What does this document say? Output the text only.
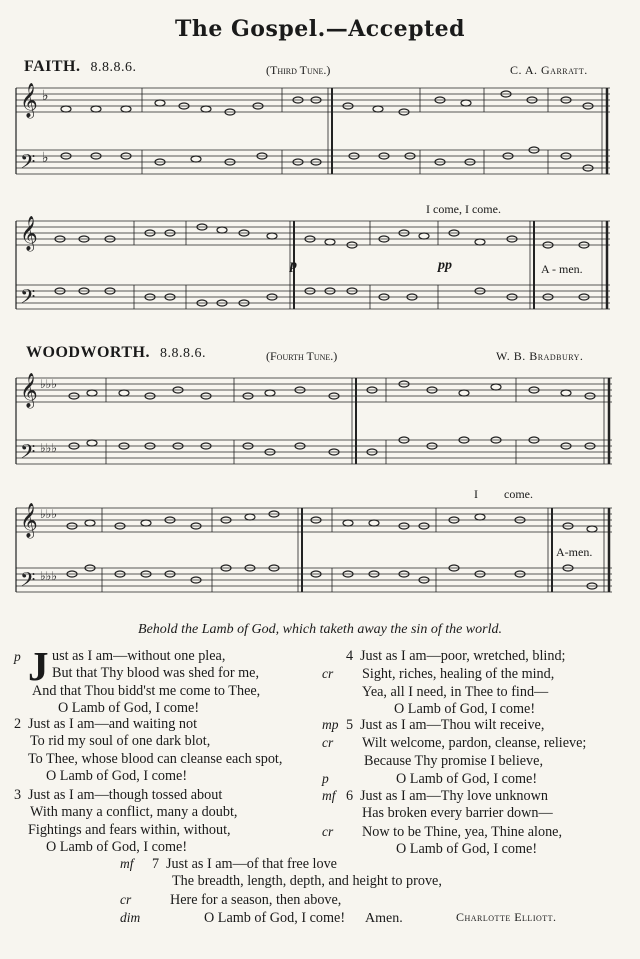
The Gospel.—Accepted
FAITH. 8.8.8.6.	(Third Tune.)	C. A. Garratt.
𝄞 ♭
𝄢 ♭
𝄞
𝄢
I come, I come.
p	pp	A - men.
WOODWORTH. 8.8.8.6.	(Fourth Tune.)	W. B. Bradbury.
𝄞 ♭♭♭
𝄢 ♭♭♭
𝄞 ♭♭♭
𝄢 ♭♭♭
I come.
A-men.
Behold the Lamb of God, which taketh away the sin of the world.
p J ust as I am—without one plea,
But that Thy blood was shed for me,
And that Thou bidd'st me come to Thee,
O Lamb of God, I come!
2 Just as I am—and waiting not
To rid my soul of one dark blot,
To Thee, whose blood can cleanse each spot,
O Lamb of God, I come!
3 Just as I am—though tossed about
With many a conflict, many a doubt,
Fightings and fears within, without,
O Lamb of God, I come!
4 Just as I am—poor, wretched, blind;
cr Sight, riches, healing of the mind,
Yea, all I need, in Thee to find—
O Lamb of God, I come!
mp 5 Just as I am—Thou wilt receive,
cr Wilt welcome, pardon, cleanse, relieve;
Because Thy promise I believe,
p	O Lamb of God, I come!
mf 6 Just as I am—Thy love unknown
Has broken every barrier down—
cr Now to be Thine, yea, Thine alone,
O Lamb of God, I come!
mf 7 Just as I am—of that free love
The breadth, length, depth, and height to prove,
cr	Here for a season, then above,
dim	O Lamb of God, I come! Amen.	Charlotte Elliott.
